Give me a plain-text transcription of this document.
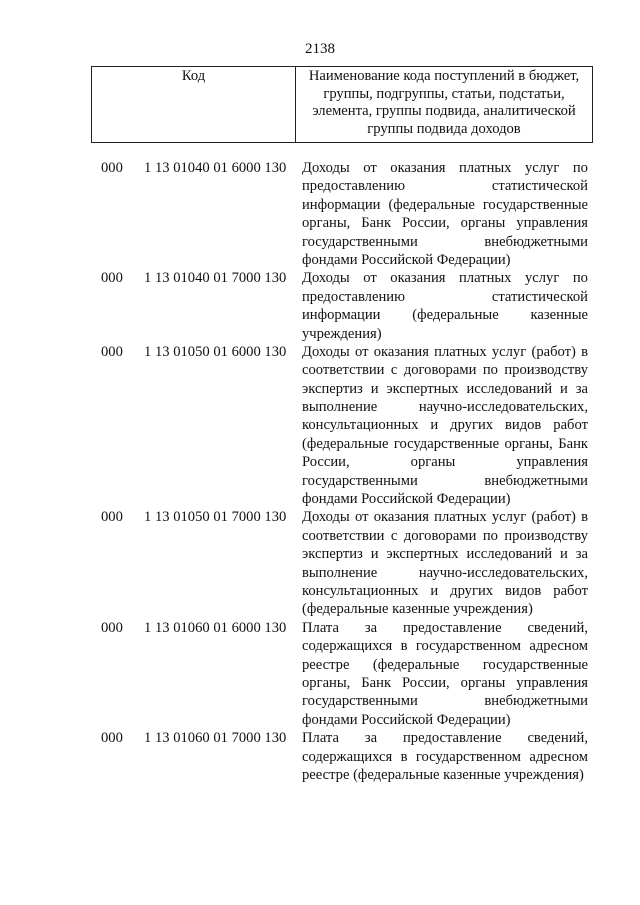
2138
Код	Наименование кода поступлений в бюджет,
группы, подгруппы, статьи, подстатьи,
элемента, группы подвида, аналитической
группы подвида доходов
000 1 13 01040 01 6000 130 Доходы от оказания платных услуг по
предоставлению	статистической
информации (федеральные государственные
органы, Банк России, органы управления
государственными	внебюджетными
фондами Российской Федерации)
000 1 13 01040 01 7000 130 Доходы от оказания платных услуг по
предоставлению	статистической
информации (федеральные казенные
учреждения)
000 1 13 01050 01 6000 130 Доходы от оказания платных услуг (работ) в
соответствии с договорами по производству
экспертиз и экспертных исследований и за
выполнение	научно-исследовательских,
консультационных и других видов работ
(федеральные государственные органы, Банк
России,	органы	управления
государственными	внебюджетными
фондами Российской Федерации)
000 1 13 01050 01 7000 130 Доходы от оказания платных услуг (работ) в
соответствии с договорами по производству
экспертиз и экспертных исследований и за
выполнение	научно-исследовательских,
консультационных и других видов работ
(федеральные казенные учреждения)
000 1 13 01060 01 6000 130 Плата за предоставление сведений,
содержащихся в государственном адресном
реестре (федеральные государственные
органы, Банк России, органы управления
государственными	внебюджетными
фондами Российской Федерации)
000 1 13 01060 01 7000 130 Плата за предоставление сведений,
содержащихся в государственном адресном
реестре (федеральные казенные учреждения)
